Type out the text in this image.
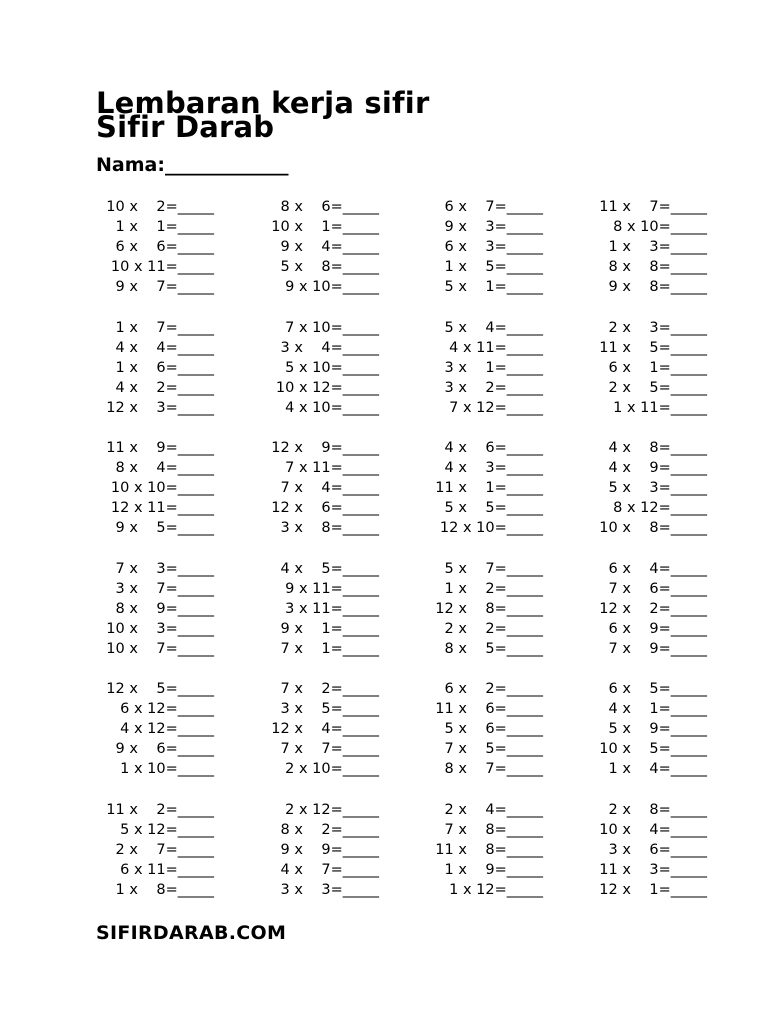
Lembaran kerja sifir
Sifir Darab
Nama:_____________
10 x    2=_____
1 x    1=_____
6 x    6=_____
10 x 11=_____
9 x    7=_____
1 x    7=_____
4 x    4=_____
1 x    6=_____
4 x    2=_____
12 x    3=_____
11 x    9=_____
8 x    4=_____
10 x 10=_____
12 x 11=_____
9 x    5=_____
7 x    3=_____
3 x    7=_____
8 x    9=_____
10 x    3=_____
10 x    7=_____
12 x    5=_____
6 x 12=_____
4 x 12=_____
9 x    6=_____
1 x 10=_____
11 x    2=_____
5 x 12=_____
2 x    7=_____
6 x 11=_____
1 x    8=_____
8 x    6=_____
10 x    1=_____
9 x    4=_____
5 x    8=_____
9 x 10=_____
7 x 10=_____
3 x    4=_____
5 x 10=_____
10 x 12=_____
4 x 10=_____
12 x    9=_____
7 x 11=_____
7 x    4=_____
12 x    6=_____
3 x    8=_____
4 x    5=_____
9 x 11=_____
3 x 11=_____
9 x    1=_____
7 x    1=_____
7 x    2=_____
3 x    5=_____
12 x    4=_____
7 x    7=_____
2 x 10=_____
2 x 12=_____
8 x    2=_____
9 x    9=_____
4 x    7=_____
3 x    3=_____
6 x    7=_____
9 x    3=_____
6 x    3=_____
1 x    5=_____
5 x    1=_____
5 x    4=_____
4 x 11=_____
3 x    1=_____
3 x    2=_____
7 x 12=_____
4 x    6=_____
4 x    3=_____
11 x    1=_____
5 x    5=_____
12 x 10=_____
5 x    7=_____
1 x    2=_____
12 x    8=_____
2 x    2=_____
8 x    5=_____
6 x    2=_____
11 x    6=_____
5 x    6=_____
7 x    5=_____
8 x    7=_____
2 x    4=_____
7 x    8=_____
11 x    8=_____
1 x    9=_____
1 x 12=_____
11 x    7=_____
8 x 10=_____
1 x    3=_____
8 x    8=_____
9 x    8=_____
2 x    3=_____
11 x    5=_____
6 x    1=_____
2 x    5=_____
1 x 11=_____
4 x    8=_____
4 x    9=_____
5 x    3=_____
8 x 12=_____
10 x    8=_____
6 x    4=_____
7 x    6=_____
12 x    2=_____
6 x    9=_____
7 x    9=_____
6 x    5=_____
4 x    1=_____
5 x    9=_____
10 x    5=_____
1 x    4=_____
2 x    8=_____
10 x    4=_____
3 x    6=_____
11 x    3=_____
12 x    1=_____
SIFIRDARAB.COM
